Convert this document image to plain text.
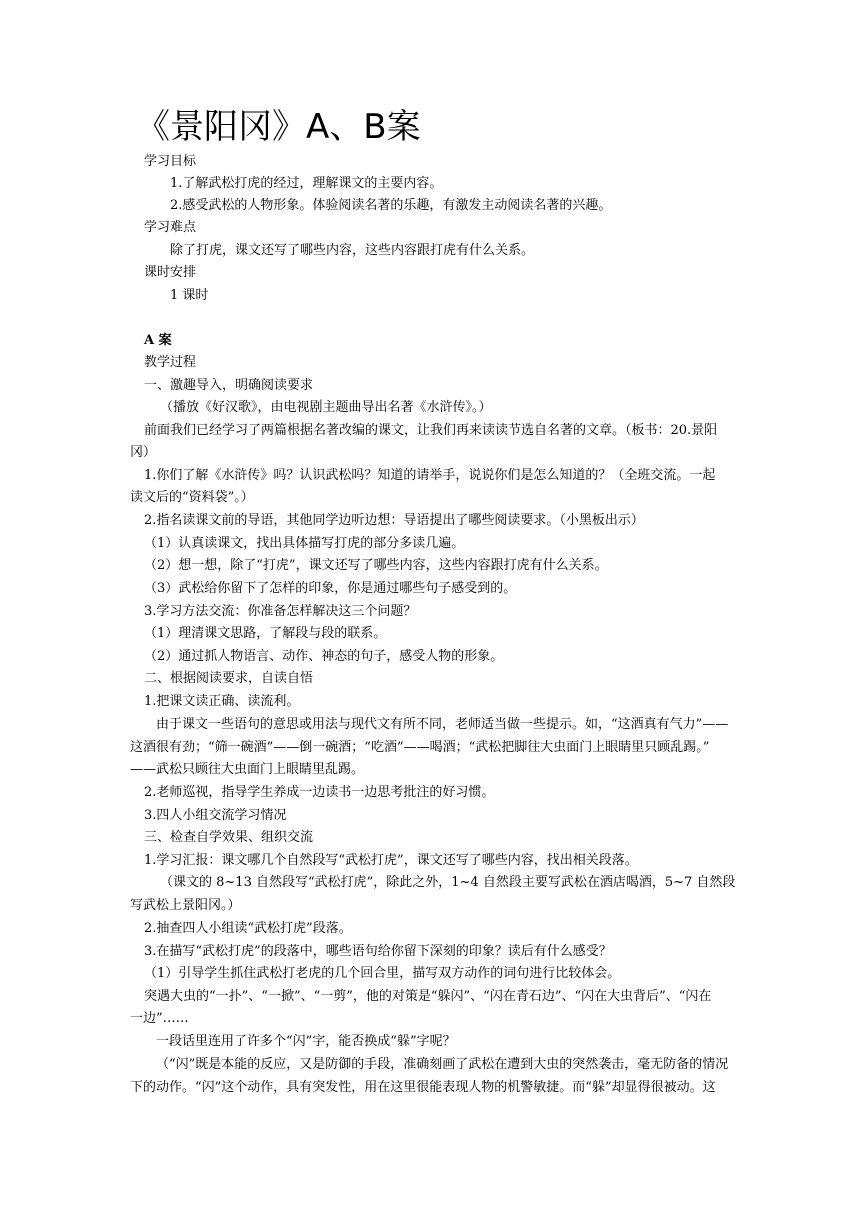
《景阳冈》A、B案
学习目标
1.了解武松打虎的经过，理解课文的主要内容。
2.感受武松的人物形象。体验阅读名著的乐趣，有激发主动阅读名著的兴趣。
学习难点
除了打虎，课文还写了哪些内容，这些内容跟打虎有什么关系。
课时安排
1 课时
A 案
教学过程
一、激趣导入，明确阅读要求
（播放《好汉歌》，由电视剧主题曲导出名著《水浒传》。）
前面我们已经学习了两篇根据名著改编的课文，让我们再来读读节选自名著的文章。（板书：20.景阳
冈）
1.你们了解《水浒传》吗？认识武松吗？知道的请举手，说说你们是怎么知道的？（全班交流。一起
读文后的“资料袋”。）
2.指名读课文前的导语，其他同学边听边想：导语提出了哪些阅读要求。（小黑板出示）
（1）认真读课文，找出具体描写打虎的部分多读几遍。
（2）想一想，除了“打虎”，课文还写了哪些内容，这些内容跟打虎有什么关系。
（3）武松给你留下了怎样的印象，你是通过哪些句子感受到的。
3.学习方法交流：你准备怎样解决这三个问题？
（1）理清课文思路，了解段与段的联系。
（2）通过抓人物语言、动作、神态的句子，感受人物的形象。
二、根据阅读要求，自读自悟
1.把课文读正确、读流利。
由于课文一些语句的意思或用法与现代文有所不同，老师适当做一些提示。如，“这酒真有气力”——
这酒很有劲；“筛一碗酒”——倒一碗酒；“吃酒”——喝酒；“武松把脚往大虫面门上眼睛里只顾乱踢。”
——武松只顾往大虫面门上眼睛里乱踢。
2.老师巡视，指导学生养成一边读书一边思考批注的好习惯。
3.四人小组交流学习情况
三、检查自学效果、组织交流
1.学习汇报：课文哪几个自然段写“武松打虎”，课文还写了哪些内容，找出相关段落。
（课文的 8~13 自然段写“武松打虎”，除此之外，1~4 自然段主要写武松在酒店喝酒，5~7 自然段
写武松上景阳冈。）
2.抽查四人小组读“武松打虎”段落。
3.在描写“武松打虎”的段落中，哪些语句给你留下深刻的印象？读后有什么感受？
（1）引导学生抓住武松打老虎的几个回合里，描写双方动作的词句进行比较体会。
突遇大虫的“一扑”、“一掀”、“一剪”，他的对策是“躲闪”、“闪在青石边”、“闪在大虫背后”、“闪在
一边”……
一段话里连用了许多个“闪”字，能否换成“躲”字呢？
（“闪”既是本能的反应，又是防御的手段，准确刻画了武松在遭到大虫的突然袭击，毫无防备的情况
下的动作。“闪”这个动作，具有突发性，用在这里很能表现人物的机警敏捷。而“躲”却显得很被动。这
